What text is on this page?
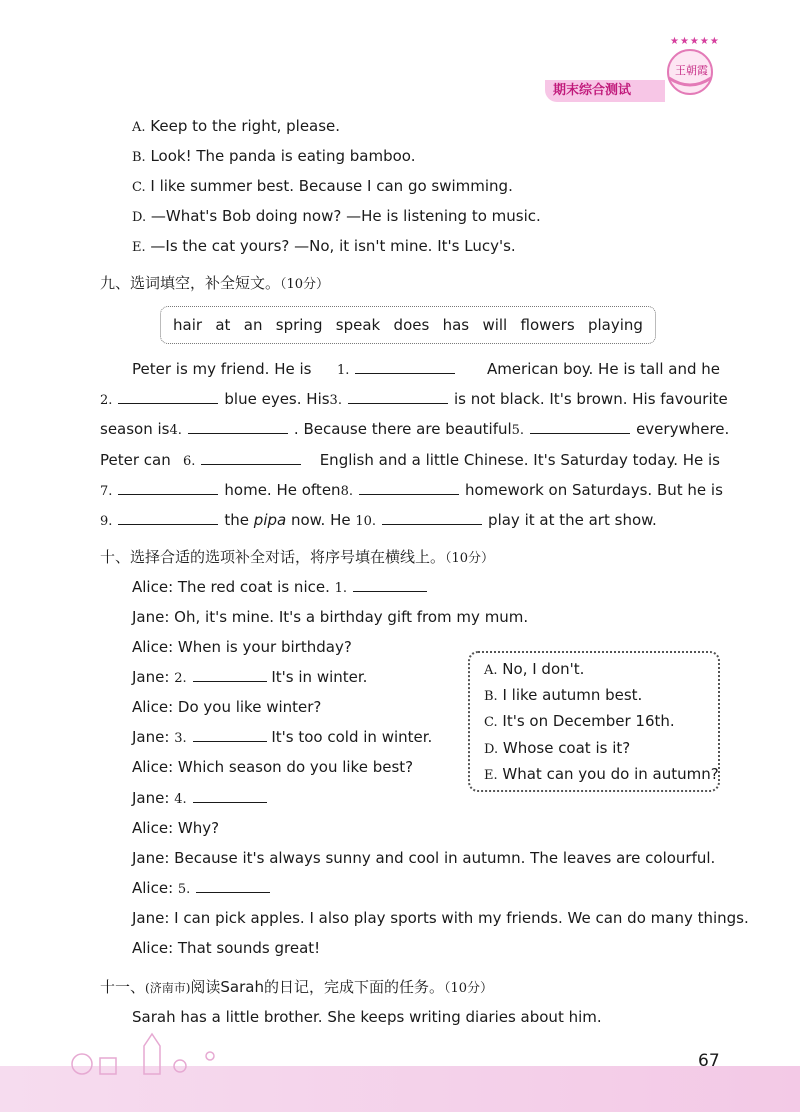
期末综合测试
★★★★★
王朝霞
A. Keep to the right, please.
B. Look! The panda is eating bamboo.
C. I like summer best. Because I can go swimming.
D. —What's Bob doing now? —He is listening to music.
E. —Is the cat yours? —No, it isn't mine. It's Lucy's.
九、选词填空，补全短文。（10分）
hair at an spring speak does has will flowers playing
Peter is my friend. He is 1.	American boy. He is tall and he
2.	blue eyes. His 3.	is not black. It's brown. His favourite
season is 4.	. Because there are beautiful 5.	everywhere.
Peter can 6.	English and a little Chinese. It's Saturday today. He is
7.	home. He often 8.	homework on Saturdays. But he is
9.	the pipa now. He 10.	play it at the art show.
十、选择合适的选项补全对话，将序号填在横线上。（10分）
Alice: The red coat is nice. 1.
Jane: Oh, it's mine. It's a birthday gift from my mum.
Alice: When is your birthday?
Jane: 2.	It's in winter.
Alice: Do you like winter?
Jane: 3.	It's too cold in winter.
Alice: Which season do you like best?
Jane: 4.
Alice: Why?
Jane: Because it's always sunny and cool in autumn. The leaves are colourful.
Alice: 5.
Jane: I can pick apples. I also play sports with my friends. We can do many things.
Alice: That sounds great!
A. No, I don't.
B. I like autumn best.
C. It's on December 16th.
D. Whose coat is it?
E. What can you do in autumn?
十一、(济南市)阅读Sarah的日记，完成下面的任务。（10分）
Sarah has a little brother. She keeps writing diaries about him.
67
